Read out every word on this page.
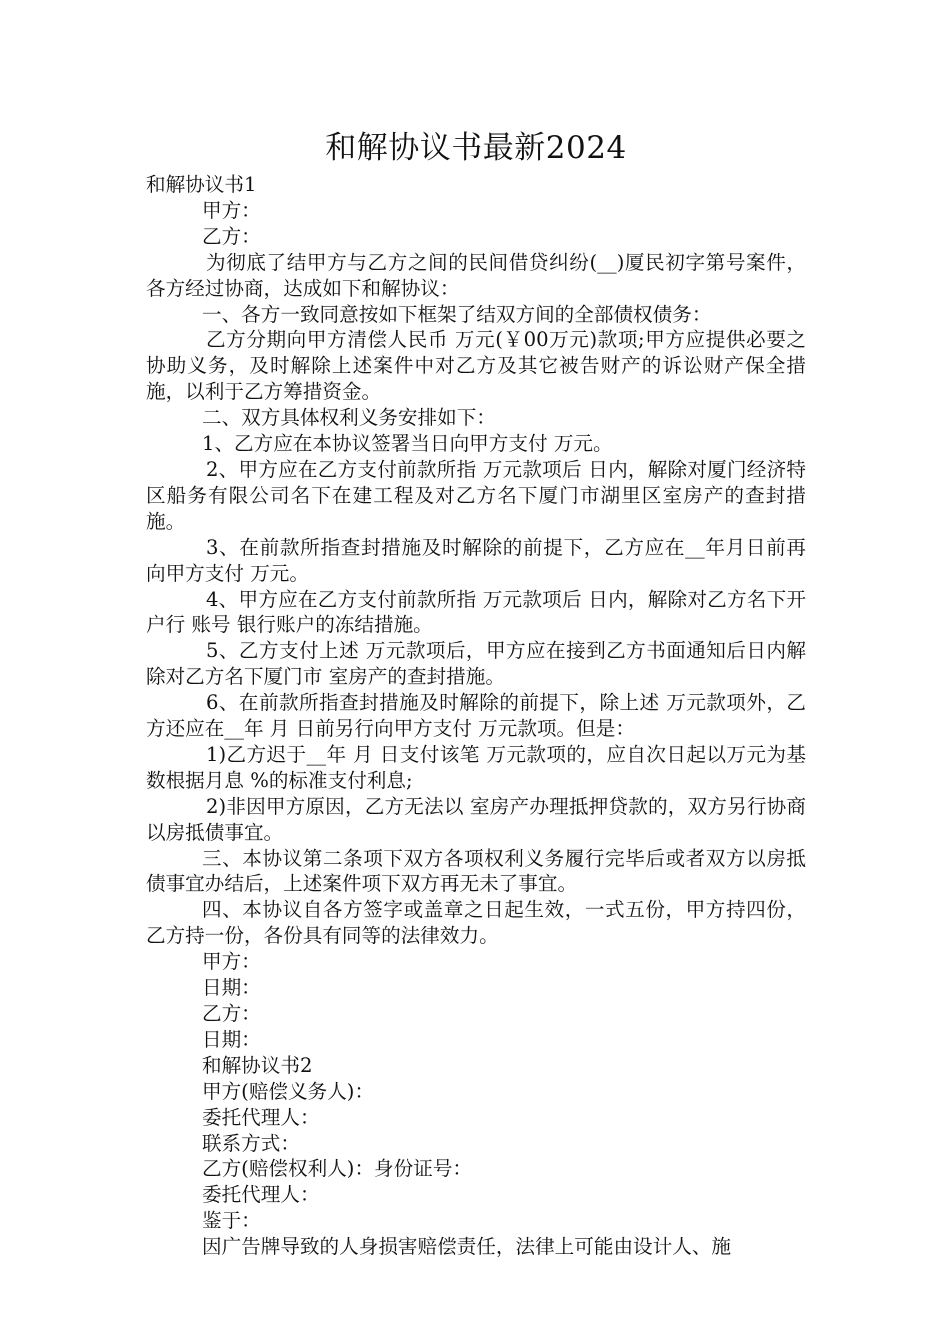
和解协议书最新2024

和解协议书1

甲方：

乙方：

为彻底了结甲方与乙方之间的民间借贷纠纷(__)厦民初字第号案件，各方经过协商，达成如下和解协议：

一、各方一致同意按如下框架了结双方间的全部债权债务：

乙方分期向甲方清偿人民币 万元(￥00万元)款项;甲方应提供必要之协助义务，及时解除上述案件中对乙方及其它被告财产的诉讼财产保全措施，以利于乙方筹措资金。

二、双方具体权利义务安排如下：

1、乙方应在本协议签署当日向甲方支付 万元。

2、甲方应在乙方支付前款所指 万元款项后 日内，解除对厦门经济特区船务有限公司名下在建工程及对乙方名下厦门市湖里区室房产的查封措施。

3、在前款所指查封措施及时解除的前提下，乙方应在__年月日前再向甲方支付 万元。

4、甲方应在乙方支付前款所指 万元款项后 日内，解除对乙方名下开户行 账号 银行账户的冻结措施。

5、乙方支付上述 万元款项后，甲方应在接到乙方书面通知后日内解除对乙方名下厦门市 室房产的查封措施。

6、在前款所指查封措施及时解除的前提下，除上述 万元款项外，乙方还应在__年 月 日前另行向甲方支付 万元款项。但是：

1)乙方迟于__年 月 日支付该笔 万元款项的，应自次日起以万元为基数根据月息 %的标准支付利息;

2)非因甲方原因，乙方无法以 室房产办理抵押贷款的，双方另行协商以房抵债事宜。

三、本协议第二条项下双方各项权利义务履行完毕后或者双方以房抵债事宜办结后，上述案件项下双方再无未了事宜。

四、本协议自各方签字或盖章之日起生效，一式五份，甲方持四份，乙方持一份，各份具有同等的法律效力。

甲方：

日期：

乙方：

日期：

和解协议书2

甲方(赔偿义务人)：

委托代理人：

联系方式：

乙方(赔偿权利人)：身份证号：

委托代理人：

鉴于：

因广告牌导致的人身损害赔偿责任，法律上可能由设计人、施
